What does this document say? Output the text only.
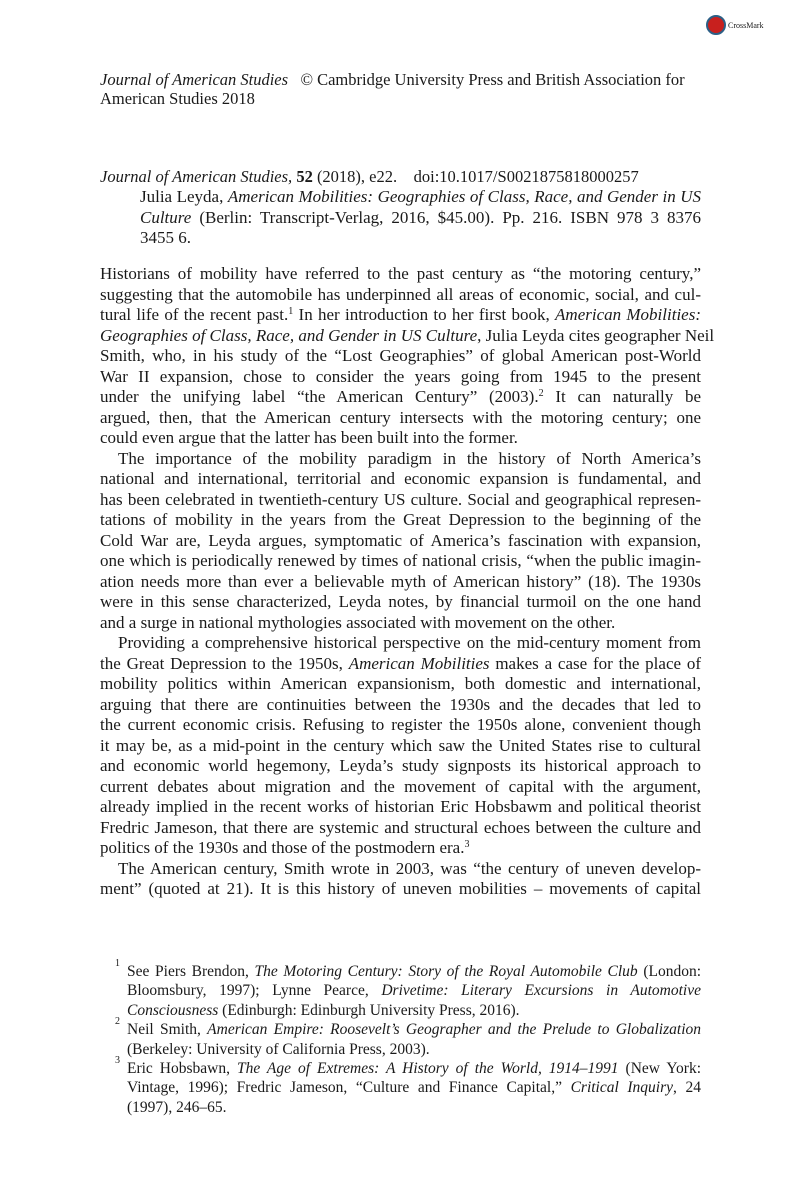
CrossMark
Journal of American Studies © Cambridge University Press and British Association for
American Studies 2018
Journal of American Studies, 52 (2018), e22. doi:10.1017/S0021875818000257
Julia Leyda, American Mobilities: Geographies of Class, Race, and Gender in US
Culture (Berlin: Transcript-Verlag, 2016, $45.00). Pp. 216. ISBN 978 3 8376
3455 6.
Historians of mobility have referred to the past century as “the motoring century,”
suggesting that the automobile has underpinned all areas of economic, social, and cul-
tural life of the recent past.$^1$ In her introduction to her first book, American Mobilities:
Geographies of Class, Race, and Gender in US Culture, Julia Leyda cites geographer Neil
Smith, who, in his study of the “Lost Geographies” of global American post-World
War II expansion, chose to consider the years going from 1945 to the present
under the unifying label “the American Century” (2003).$^2$ It can naturally be
argued, then, that the American century intersects with the motoring century; one
could even argue that the latter has been built into the former.
The importance of the mobility paradigm in the history of North America’s
national and international, territorial and economic expansion is fundamental, and
has been celebrated in twentieth-century US culture. Social and geographical represen-
tations of mobility in the years from the Great Depression to the beginning of the
Cold War are, Leyda argues, symptomatic of America’s fascination with expansion,
one which is periodically renewed by times of national crisis, “when the public imagin-
ation needs more than ever a believable myth of American history” (18). The 1930s
were in this sense characterized, Leyda notes, by financial turmoil on the one hand
and a surge in national mythologies associated with movement on the other.
Providing a comprehensive historical perspective on the mid-century moment from
the Great Depression to the 1950s, American Mobilities makes a case for the place of
mobility politics within American expansionism, both domestic and international,
arguing that there are continuities between the 1930s and the decades that led to
the current economic crisis. Refusing to register the 1950s alone, convenient though
it may be, as a mid-point in the century which saw the United States rise to cultural
and economic world hegemony, Leyda’s study signposts its historical approach to
current debates about migration and the movement of capital with the argument,
already implied in the recent works of historian Eric Hobsbawm and political theorist
Fredric Jameson, that there are systemic and structural echoes between the culture and
politics of the 1930s and those of the postmodern era.$^3$
The American century, Smith wrote in 2003, was “the century of uneven develop-
ment” (quoted at 21). It is this history of uneven mobilities – movements of capital
1 See Piers Brendon, The Motoring Century: Story of the Royal Automobile Club (London:
Bloomsbury, 1997); Lynne Pearce, Drivetime: Literary Excursions in Automotive
Consciousness (Edinburgh: Edinburgh University Press, 2016).
2 Neil Smith, American Empire: Roosevelt’s Geographer and the Prelude to Globalization
(Berkeley: University of California Press, 2003).
3 Eric Hobsbawn, The Age of Extremes: A History of the World, 1914–1991 (New York:
Vintage, 1996); Fredric Jameson, “Culture and Finance Capital,” Critical Inquiry, 24
(1997), 246–65.
